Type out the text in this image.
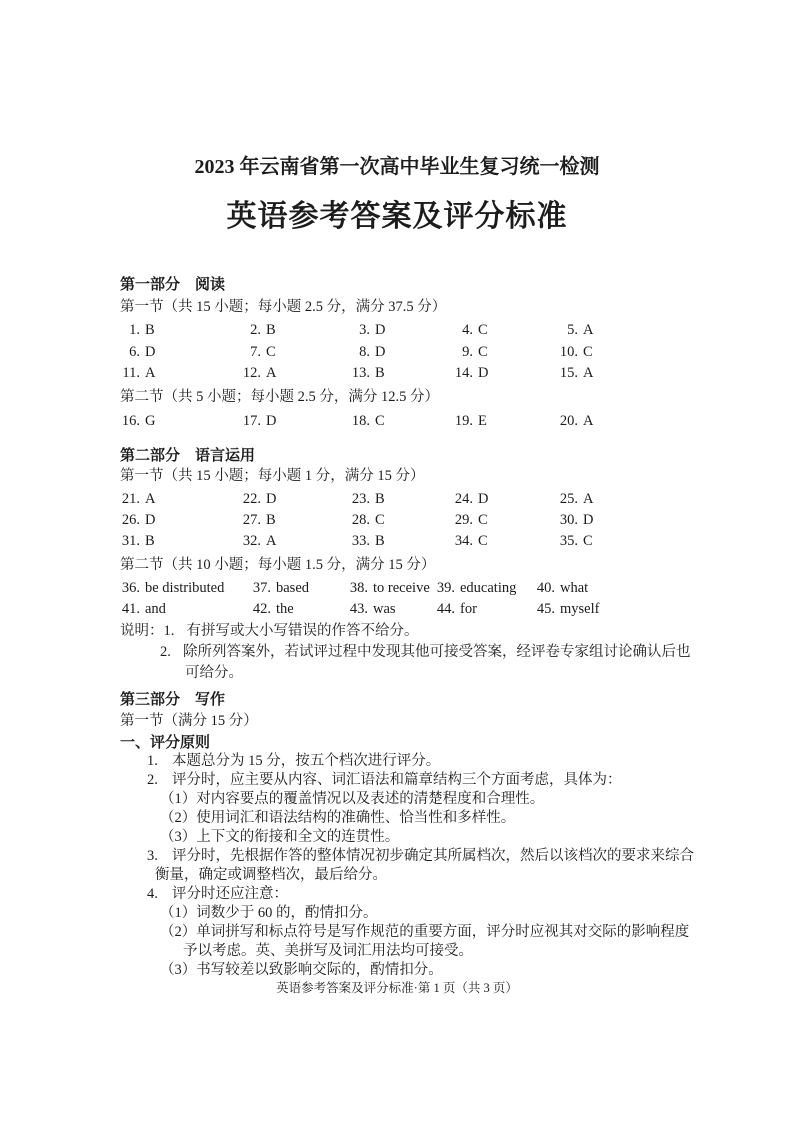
2023 年云南省第一次高中毕业生复习统一检测
英语参考答案及评分标准
第一部分　阅读
第一节（共 15 小题；每小题 2.5 分，满分 37.5 分）
1. B	2. B	3. D	4. C	5. A
6. D	7. C	8. D	9. C	10. C
11. A	12. A	13. B	14. D	15. A
第二节（共 5 小题；每小题 2.5 分，满分 12.5 分）
16. G	17. D	18. C	19. E	20. A
第二部分　语言运用
第一节（共 15 小题；每小题 1 分，满分 15 分）
21. A	22. D	23. B	24. D	25. A
26. D	27. B	28. C	29. C	30. D
31. B	32. A	33. B	34. C	35. C
第二节（共 10 小题；每小题 1.5 分，满分 15 分）
36. be distributed	37. based	38. to receive 39. educating	40. what
41. and	42. the	43. was	44. for	45. myself
说明：1. 有拼写或大小写错误的作答不给分。
2. 除所列答案外，若试评过程中发现其他可接受答案，经评卷专家组讨论确认后也
可给分。
第三部分　写作
第一节（满分 15 分）
一、评分原则
1. 本题总分为 15 分，按五个档次进行评分。
2. 评分时，应主要从内容、词汇语法和篇章结构三个方面考虑，具体为：
（1）对内容要点的覆盖情况以及表述的清楚程度和合理性。
（2）使用词汇和语法结构的准确性、恰当性和多样性。
（3）上下文的衔接和全文的连贯性。
3. 评分时，先根据作答的整体情况初步确定其所属档次，然后以该档次的要求来综合
衡量，确定或调整档次，最后给分。
4. 评分时还应注意：
（1）词数少于 60 的，酌情扣分。
（2）单词拼写和标点符号是写作规范的重要方面，评分时应视其对交际的影响程度
予以考虑。英、美拼写及词汇用法均可接受。
（3）书写较差以致影响交际的，酌情扣分。
英语参考答案及评分标准·第 1 页（共 3 页）
